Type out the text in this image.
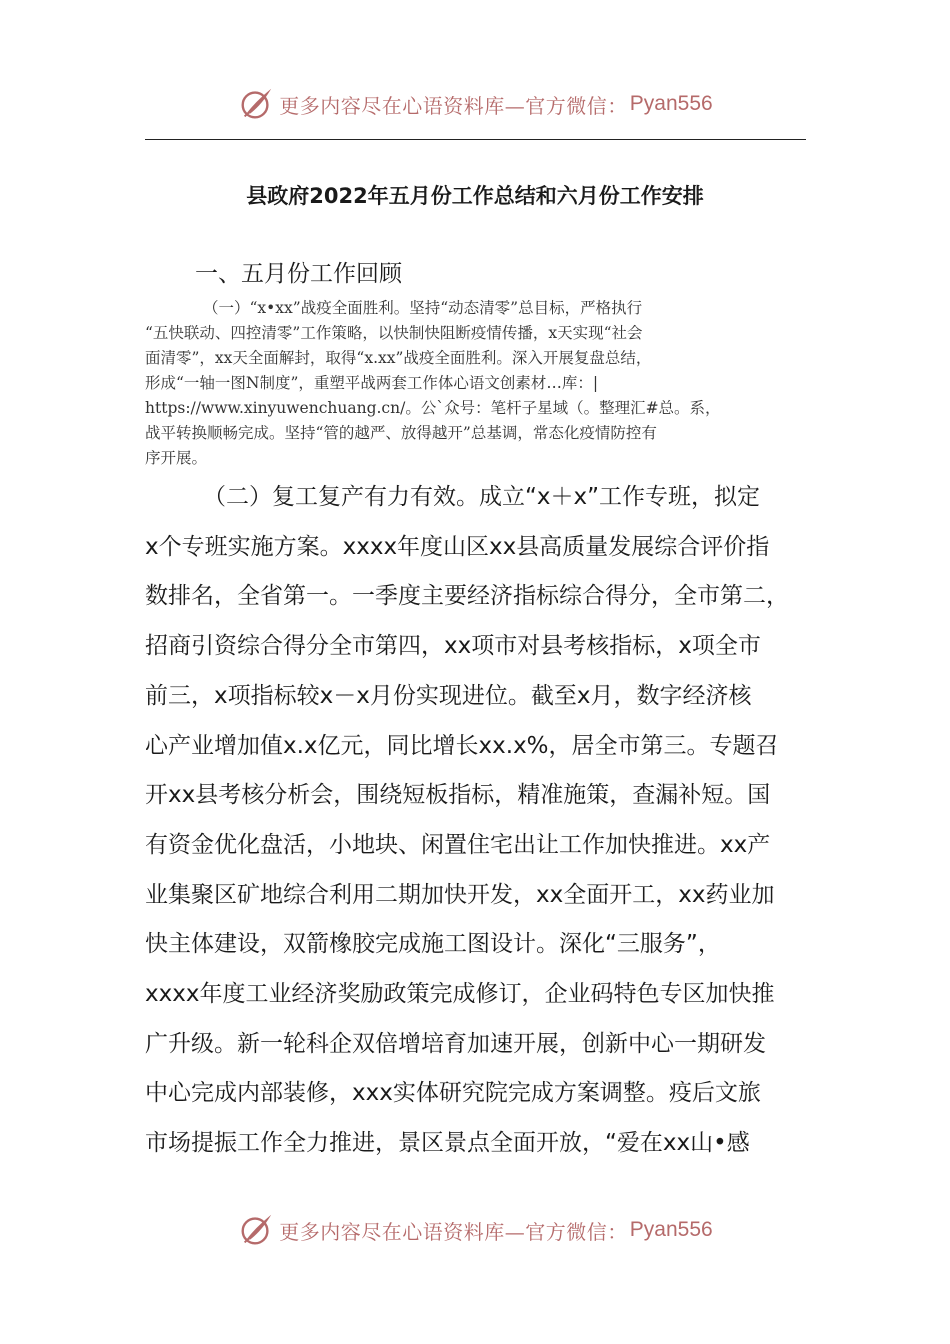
更多内容尽在心语资料库—官方微信： Pyan556
县政府2022年五月份工作总结和六月份工作安排
一、五月份工作回顾
（一）“x•xx”战疫全面胜利。坚持“动态清零”总目标，严格执行
“五快联动、四控清零”工作策略，以快制快阻断疫情传播，x天实现“社会
面清零”，xx天全面解封，取得“x.xx”战疫全面胜利。深入开展复盘总结，
形成“一轴一图N制度”，重塑平战两套工作体心语文创素材…库：|
https://www.xinyuwenchuang.cn/。公`众号：笔杆子星域（。整理汇#总。系，
战平转换顺畅完成。坚持“管的越严、放得越开”总基调，常态化疫情防控有
序开展。
（二）复工复产有力有效。成立“x＋x”工作专班，拟定
x个专班实施方案。xxxx年度山区xx县高质量发展综合评价指
数排名，全省第一。一季度主要经济指标综合得分，全市第二，
招商引资综合得分全市第四，xx项市对县考核指标，x项全市
前三，x项指标较x－x月份实现进位。截至x月，数字经济核
心产业增加值x.x亿元，同比增长xx.x%，居全市第三。专题召
开xx县考核分析会，围绕短板指标，精准施策，查漏补短。国
有资金优化盘活，小地块、闲置住宅出让工作加快推进。xx产
业集聚区矿地综合利用二期加快开发，xx全面开工，xx药业加
快主体建设，双箭橡胶完成施工图设计。深化“三服务”，
xxxx年度工业经济奖励政策完成修订，企业码特色专区加快推
广升级。新一轮科企双倍增培育加速开展，创新中心一期研发
中心完成内部装修，xxx实体研究院完成方案调整。疫后文旅
市场提振工作全力推进，景区景点全面开放，“爱在xx山•感
更多内容尽在心语资料库—官方微信： Pyan556
